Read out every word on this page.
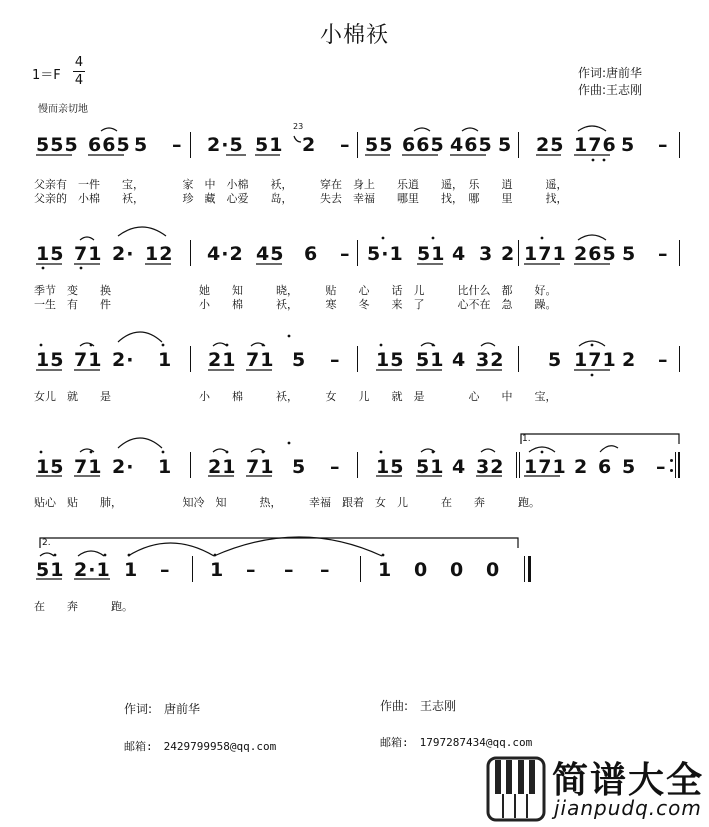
小棉袄
1＝F
4
4
慢而亲切地
作词:唐前华
作曲:王志刚
555 665 5 – 2·5 51
23
2 – 55 665 465 5 25 176 5 –
父亲有　一件　　宝，　　　　家　中　小棉　　袄，　　　穿在　身上　　乐逍　　遥，　乐　　逍　　　遥，
父亲的　小棉　　袄，　　　　珍　藏　心爱　　岛，　　　失去　幸福　　哪里　　找，　哪　　里　　　找，
15 71 2· 12 4·2 45 6 – 5·1 51 4 3 2 171 265 5 –
季节　变　　换　　　　　　　　她　　知　　　晓，　　　贴　　心　　话　儿　　　比什么　都　　好。
一生　有　　件　　　　　　　　小　　棉　　　袄，　　　寒　　冬　　来　了　　　心不在　急　　躁。
15 71 2· 1 21 71 5 – 15 51 4 32 5 171 2 –
女儿　就　　是　　　　　　　　小　　棉　　　袄，　　　女　　儿　　就　是　　　　心　　中　　宝，
15 71 2· 1 21 71 5 – 15 51 4 32 171 2 6 5 –
1.
贴心　贴　　肺，　　　　　　知冷　知　　　热，　　　幸福　跟着　女　儿　　　在　　奔　　　跑。
51 2·1 1 – 1 – – –	1 0 0 0
2.
在　　奔　　　跑。
作词:　唐前华	作曲:　王志刚
邮箱:　2429799958@qq.com	邮箱:　1797287434@qq.com
简谱大全
jianpudq.com
